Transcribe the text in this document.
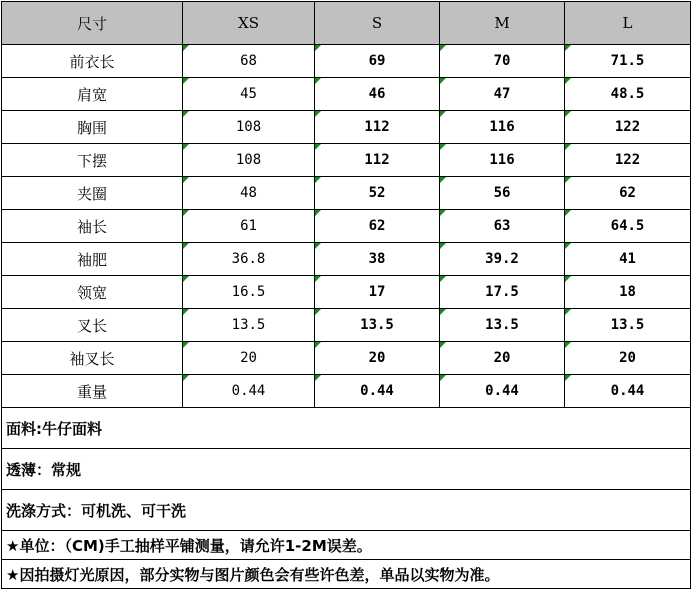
尺寸	XS	S	M	L
前衣长	68	69	70	71.5
肩宽	45	46	47	48.5
胸围	108	112	116	122
下摆	108	112	116	122
夹圈	48	52	56	62
袖长	61	62	63	64.5
袖肥	36.8	38	39.2	41
领宽	16.5	17	17.5	18
叉长	13.5	13.5	13.5	13.5
袖叉长	20	20	20	20
重量	0.44	0.44	0.44	0.44
面料:牛仔面料				
透薄：常规				
洗涤方式：可机洗、可干洗				
★单位：（CM)手工抽样平铺测量，请允许1-2M误差。				
★因拍摄灯光原因，部分实物与图片颜色会有些许色差，单品以实物为准。				
